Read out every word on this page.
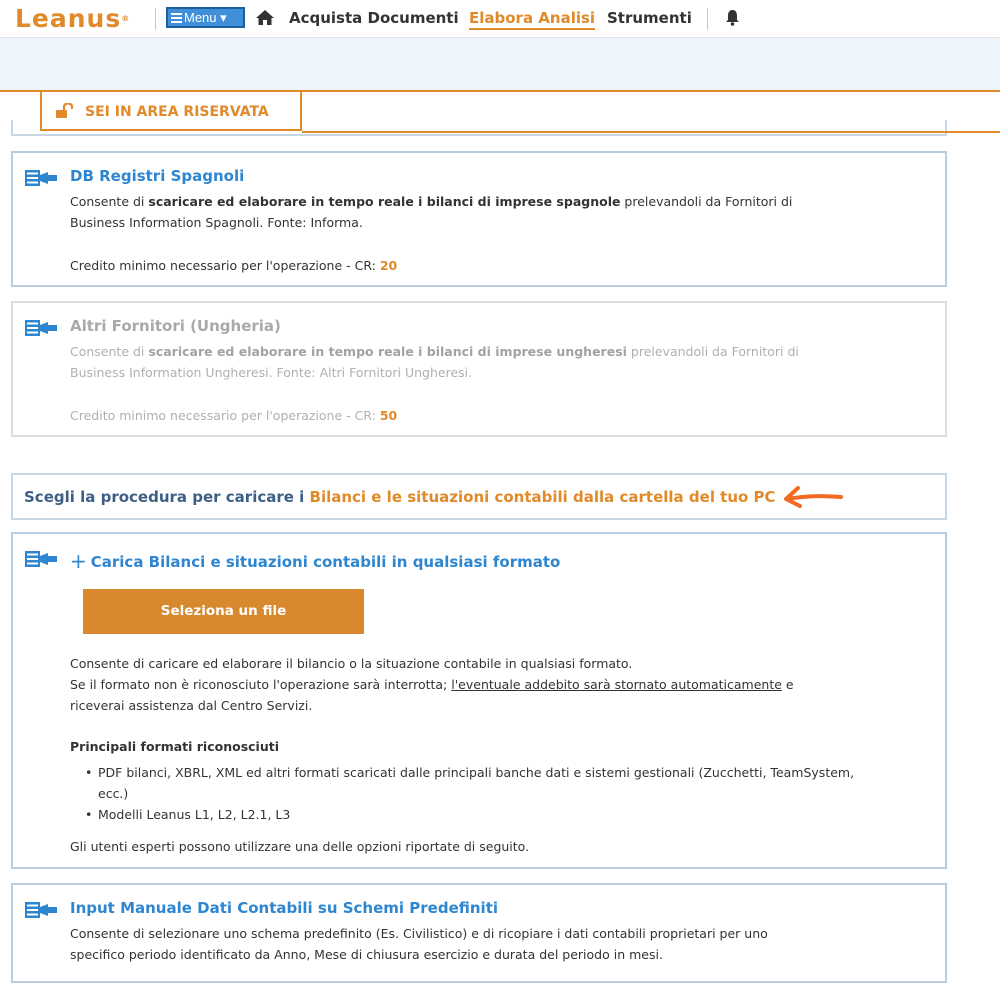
Leanus®	Menu ▾	Acquista Documenti Elabora Analisi Strumenti
SEI IN AREA RISERVATA
DB Registri Spagnoli
Consente di scaricare ed elaborare in tempo reale i bilanci di imprese spagnole prelevandoli da Fornitori di Business Information Spagnoli. Fonte: Informa.
Credito minimo necessario per l'operazione - CR: 20
Altri Fornitori (Ungheria)
Consente di scaricare ed elaborare in tempo reale i bilanci di imprese ungheresi prelevandoli da Fornitori di Business Information Ungheresi. Fonte: Altri Fornitori Ungheresi.
Credito minimo necessario per l'operazione - CR: 50
Scegli la procedura per caricare i Bilanci e le situazioni contabili dalla cartella del tuo PC
+ Carica Bilanci e situazioni contabili in qualsiasi formato
Seleziona un file
Consente di caricare ed elaborare il bilancio o la situazione contabile in qualsiasi formato.
Se il formato non è riconosciuto l'operazione sarà interrotta; l'eventuale addebito sarà stornato automaticamente e riceverai assistenza dal Centro Servizi.
Principali formati riconosciuti
• PDF bilanci, XBRL, XML ed altri formati scaricati dalle principali banche dati e sistemi gestionali (Zucchetti, TeamSystem, ecc.)
• Modelli Leanus L1, L2, L2.1, L3
Gli utenti esperti possono utilizzare una delle opzioni riportate di seguito.
Input Manuale Dati Contabili su Schemi Predefiniti
Consente di selezionare uno schema predefinito (Es. Civilistico) e di ricopiare i dati contabili proprietari per uno specifico periodo identificato da Anno, Mese di chiusura esercizio e durata del periodo in mesi.
